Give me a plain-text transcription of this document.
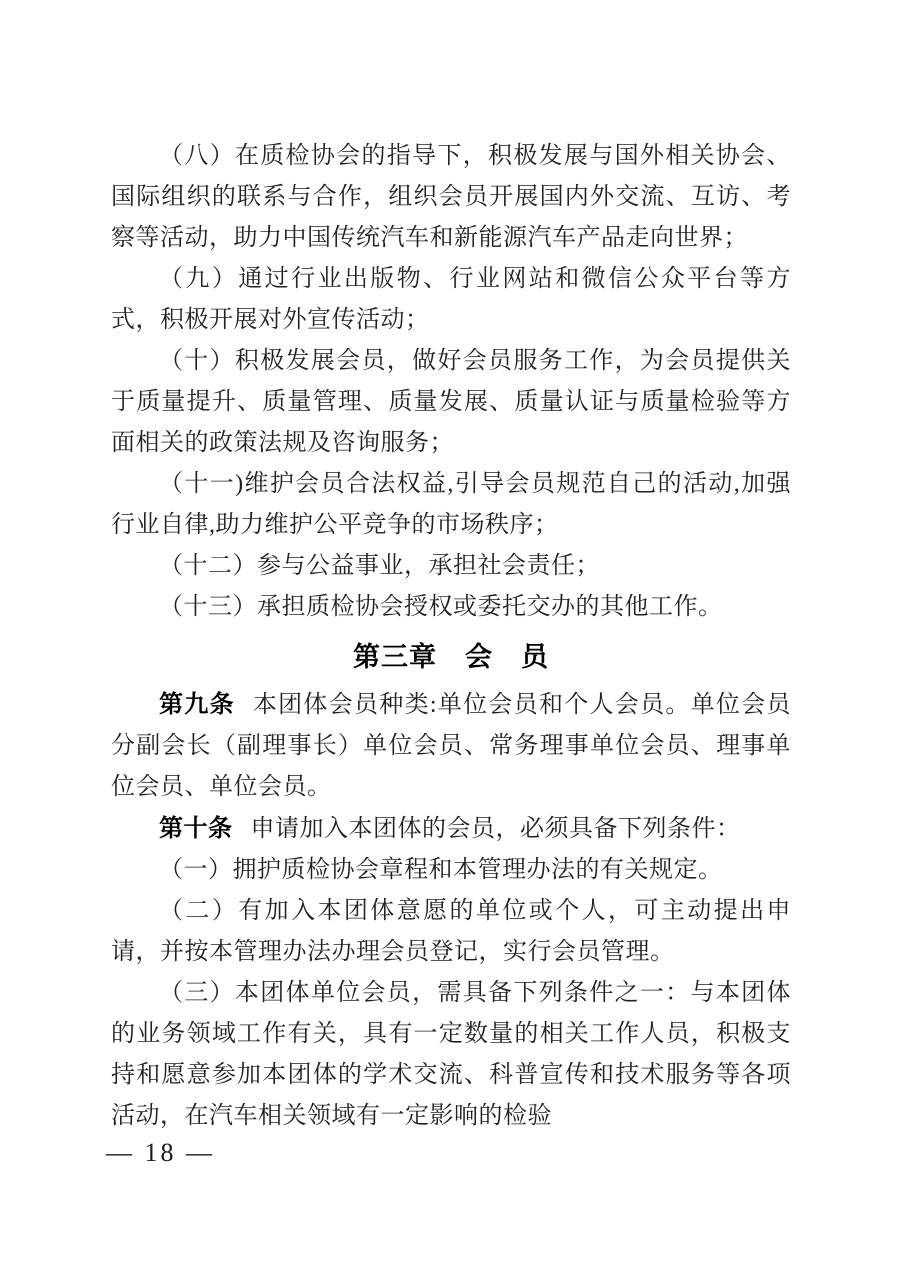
（八）在质检协会的指导下，积极发展与国外相关协会、国际组织的联系与合作，组织会员开展国内外交流、互访、考察等活动，助力中国传统汽车和新能源汽车产品走向世界；

（九）通过行业出版物、行业网站和微信公众平台等方式，积极开展对外宣传活动；

（十）积极发展会员，做好会员服务工作，为会员提供关于质量提升、质量管理、质量发展、质量认证与质量检验等方面相关的政策法规及咨询服务；

（十一)维护会员合法权益,引导会员规范自己的活动,加强行业自律,助力维护公平竞争的市场秩序；

（十二）参与公益事业，承担社会责任；

（十三）承担质检协会授权或委托交办的其他工作。

第三章　会　员

第九条 本团体会员种类:单位会员和个人会员。单位会员分副会长（副理事长）单位会员、常务理事单位会员、理事单位会员、单位会员。

第十条 申请加入本团体的会员，必须具备下列条件：

（一）拥护质检协会章程和本管理办法的有关规定。

（二）有加入本团体意愿的单位或个人，可主动提出申请，并按本管理办法办理会员登记，实行会员管理。

（三）本团体单位会员，需具备下列条件之一：与本团体的业务领域工作有关，具有一定数量的相关工作人员，积极支持和愿意参加本团体的学术交流、科普宣传和技术服务等各项活动，在汽车相关领域有一定影响的检验

— 18 —
